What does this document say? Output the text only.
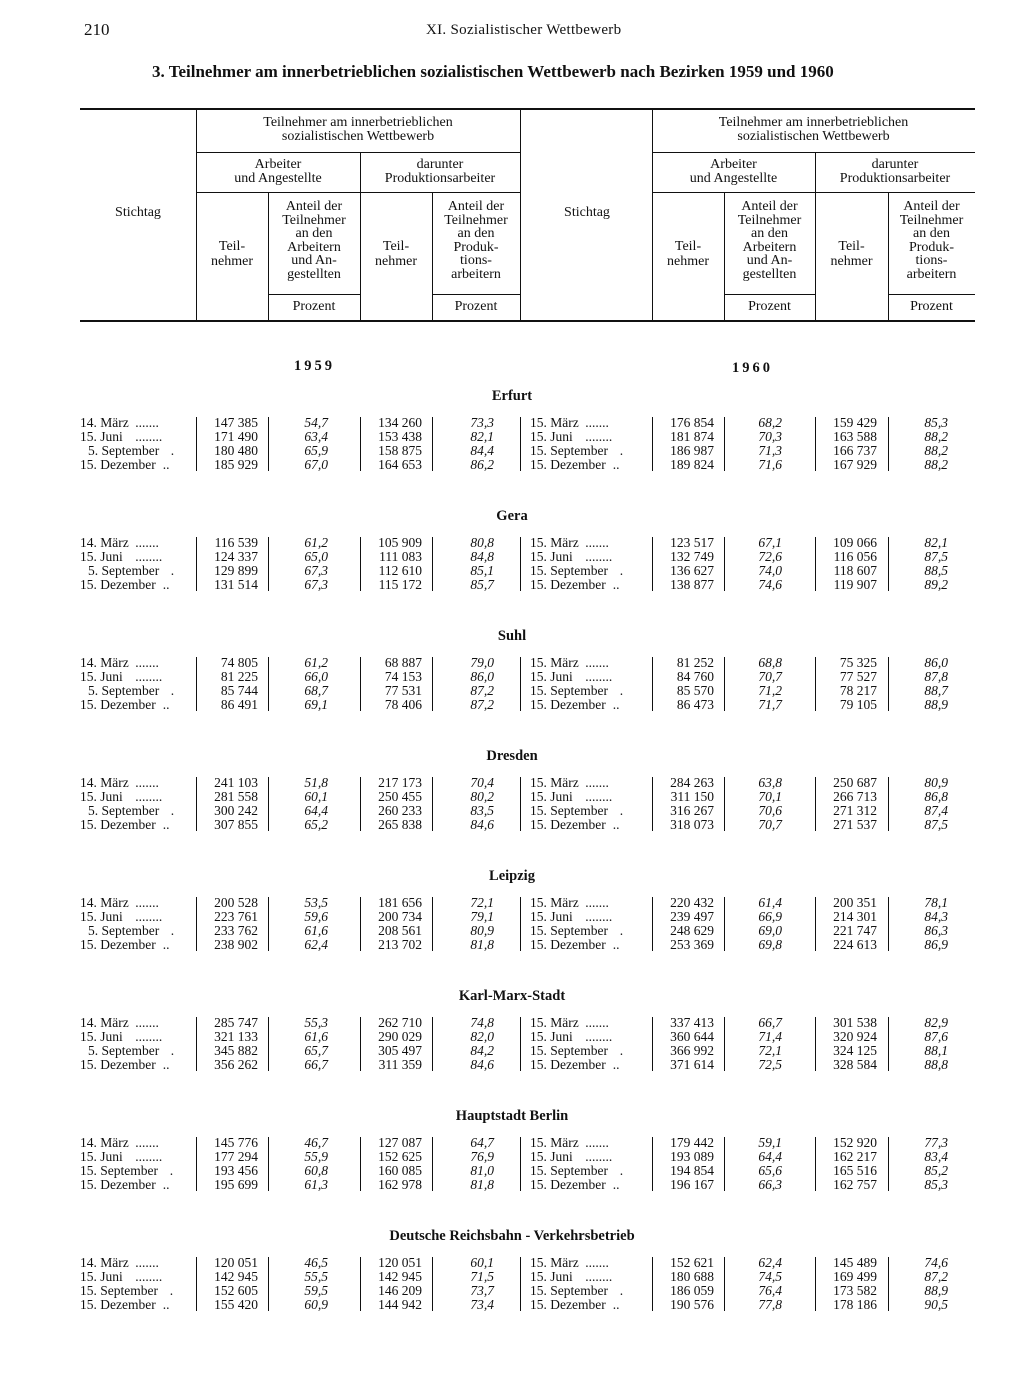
210	XI. Sozialistischer Wettbewerb
3. Teilnehmer am innerbetrieblichen sozialistischen Wettbewerb nach Bezirken 1959 und 1960
Stichtag
Teilnehmer am innerbetrieblichen
sozialistischen Wettbewerb
Arbeiter
und Angestellte
darunter
Produktionsarbeiter
Teil-
nehmer
Teil-
nehmer
Anteil der
Teilnehmer
an den
Arbeitern
und An-
gestellten
Anteil der
Teilnehmer
an den
Produk-
tions-
arbeitern
Prozent	Prozent
Stichtag
Teilnehmer am innerbetrieblichen
sozialistischen Wettbewerb
Arbeiter
und Angestellte
darunter
Produktionsarbeiter
Teil-
nehmer
Teil-
nehmer
Anteil der
Teilnehmer
an den
Arbeitern
und An-
gestellten
Anteil der
Teilnehmer
an den
Produk-
tions-
arbeitern
Prozent	Prozent
1959	1960
Erfurt
14. März .......	147 385	54,7	134 260	73,3	15. März .......	176 854	68,2	159 429	85,3
15. Juni ........	171 490	63,4	153 438	82,1	15. Juni ........	181 874	70,3	163 588	88,2
5. September .	180 480	65,9	158 875	84,4	15. September .	186 987	71,3	166 737	88,2
15. Dezember ..	185 929	67,0	164 653	86,2	15. Dezember ..	189 824	71,6	167 929	88,2
Gera
14. März .......	116 539	61,2	105 909	80,8	15. März .......	123 517	67,1	109 066	82,1
15. Juni ........	124 337	65,0	111 083	84,8	15. Juni ........	132 749	72,6	116 056	87,5
5. September .	129 899	67,3	112 610	85,1	15. September .	136 627	74,0	118 607	88,5
15. Dezember ..	131 514	67,3	115 172	85,7	15. Dezember ..	138 877	74,6	119 907	89,2
Suhl
14. März .......	74 805	61,2	68 887	79,0	15. März .......	81 252	68,8	75 325	86,0
15. Juni ........	81 225	66,0	74 153	86,0	15. Juni ........	84 760	70,7	77 527	87,8
5. September .	85 744	68,7	77 531	87,2	15. September .	85 570	71,2	78 217	88,7
15. Dezember ..	86 491	69,1	78 406	87,2	15. Dezember ..	86 473	71,7	79 105	88,9
Dresden
14. März .......	241 103	51,8	217 173	70,4	15. März .......	284 263	63,8	250 687	80,9
15. Juni ........	281 558	60,1	250 455	80,2	15. Juni ........	311 150	70,1	266 713	86,8
5. September .	300 242	64,4	260 233	83,5	15. September .	316 267	70,6	271 312	87,4
15. Dezember ..	307 855	65,2	265 838	84,6	15. Dezember ..	318 073	70,7	271 537	87,5
Leipzig
14. März .......	200 528	53,5	181 656	72,1	15. März .......	220 432	61,4	200 351	78,1
15. Juni ........	223 761	59,6	200 734	79,1	15. Juni ........	239 497	66,9	214 301	84,3
5. September .	233 762	61,6	208 561	80,9	15. September .	248 629	69,0	221 747	86,3
15. Dezember ..	238 902	62,4	213 702	81,8	15. Dezember ..	253 369	69,8	224 613	86,9
Karl-Marx-Stadt
14. März .......	285 747	55,3	262 710	74,8	15. März .......	337 413	66,7	301 538	82,9
15. Juni ........	321 133	61,6	290 029	82,0	15. Juni ........	360 644	71,4	320 924	87,6
5. September .	345 882	65,7	305 497	84,2	15. September .	366 992	72,1	324 125	88,1
15. Dezember ..	356 262	66,7	311 359	84,6	15. Dezember ..	371 614	72,5	328 584	88,8
Hauptstadt Berlin
14. März .......	145 776	46,7	127 087	64,7	15. März .......	179 442	59,1	152 920	77,3
15. Juni ........	177 294	55,9	152 625	76,9	15. Juni ........	193 089	64,4	162 217	83,4
15. September .	193 456	60,8	160 085	81,0	15. September .	194 854	65,6	165 516	85,2
15. Dezember ..	195 699	61,3	162 978	81,8	15. Dezember ..	196 167	66,3	162 757	85,3
Deutsche Reichsbahn - Verkehrsbetrieb
14. März .......	120 051	46,5	120 051	60,1	15. März .......	152 621	62,4	145 489	74,6
15. Juni ........	142 945	55,5	142 945	71,5	15. Juni ........	180 688	74,5	169 499	87,2
15. September .	152 605	59,5	146 209	73,7	15. September .	186 059	76,4	173 582	88,9
15. Dezember ..	155 420	60,9	144 942	73,4	15. Dezember ..	190 576	77,8	178 186	90,5
